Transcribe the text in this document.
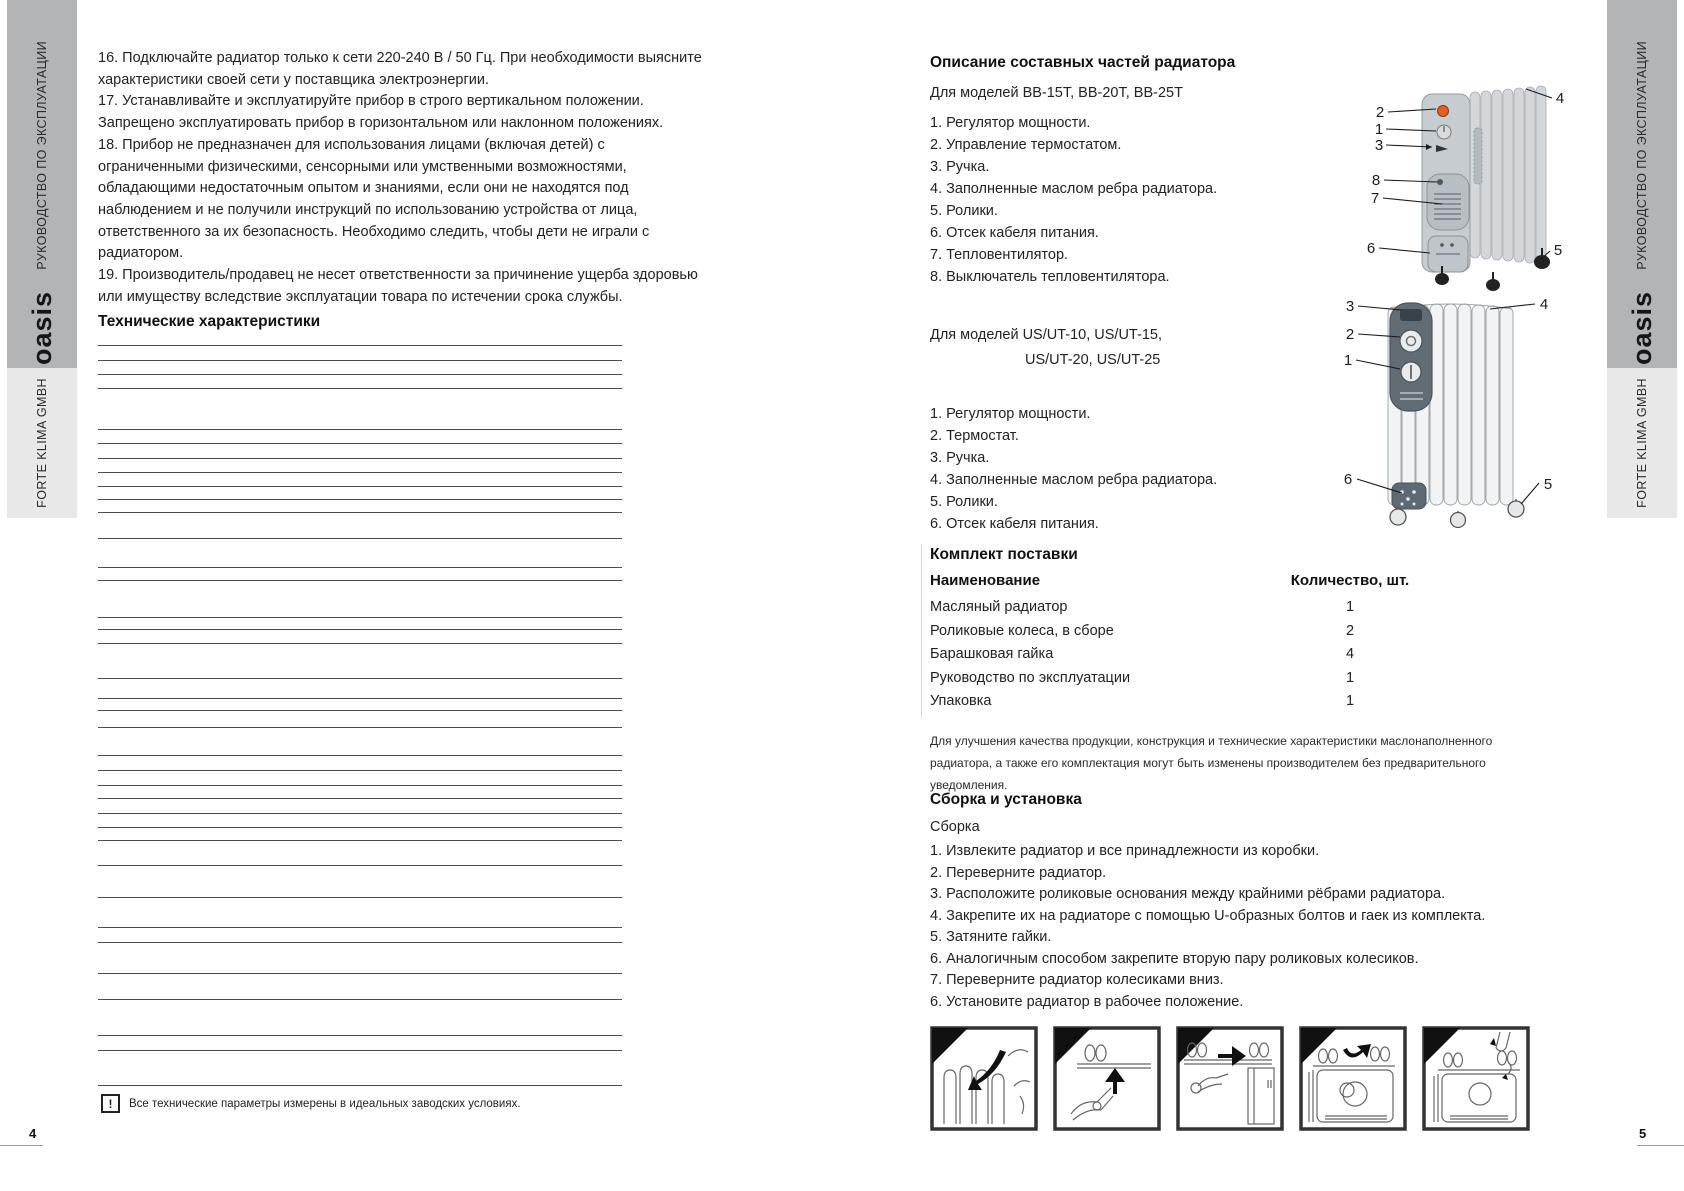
РУКОВОДСТВО ПО ЭКСПЛУАТАЦИИ
oasis
FORTE KLIMA GMBH
РУКОВОДСТВО ПО ЭКСПЛУАТАЦИИ
oasis
FORTE KLIMA GMBH

16. Подключайте радиатор только к сети 220-240 В / 50 Гц. При необходимости выясните характеристики своей сети у поставщика электроэнергии.

17. Устанавливайте и эксплуатируйте прибор в строго вертикальном положении. Запрещено эксплуатировать прибор в горизонтальном или наклонном положениях.

18. Прибор не предназначен для использования лицами (включая детей) с ограниченными физическими, сенсорными или умственными возможностями, обладающими недостаточным опытом и знаниями, если они не находятся под наблюдением и не получили инструкций по использованию устройства от лица, ответственного за их безопасность. Необходимо следить, чтобы дети не играли с радиатором.

19. Производитель/продавец не несет ответственности за причинение ущерба здоровью или имуществу вследствие эксплуатации товара по истечении срока службы.

Технические характеристики
!	Все технические параметры измерены в идеальных заводских условиях.
4
Описание составных частей радиатора
Для моделей ВВ-15Т, ВВ-20Т, ВВ-25Т
1. Регулятор мощности.
2. Управление термостатом.
3. Ручка.
4. Заполненные маслом ребра радиатора.
5. Ролики.
6. Отсек кабеля питания.
7. Тепловентилятор.
8. Выключатель тепловентилятора.
Для моделей US/UT-10, US/UT-15,
US/UT-20, US/UT-25
1. Регулятор мощности.
2. Термостат.
3. Ручка.
4. Заполненные маслом ребра радиатора.
5. Ролики.
6. Отсек кабеля питания.
2
1
3
8
7
6
4
5
3
2
1
4
6	5
Комплект поставки
Наименование	Количество, шт.
Масляный радиатор	1
Роликовые колеса, в сборе	2
Барашковая гайка	4
Руководство по эксплуатации	1
Упаковка	1
Для улучшения качества продукции, конструкция и технические характеристики маслонаполненного радиатора, а также его комплектация могут быть изменены производителем без предварительного уведомления.
Сборка и установка
Сборка
1. Извлеките радиатор и все принадлежности из коробки.
2. Переверните радиатор.
3. Расположите роликовые основания между крайними рёбрами радиатора.
4. Закрепите их на радиаторе с помощью U-образных болтов и гаек из комплекта.
5. Затяните гайки.
6. Аналогичным способом закрепите вторую пару роликовых колесиков.
7. Переверните радиатор колесиками вниз.
6. Установите радиатор в рабочее положение.
5
